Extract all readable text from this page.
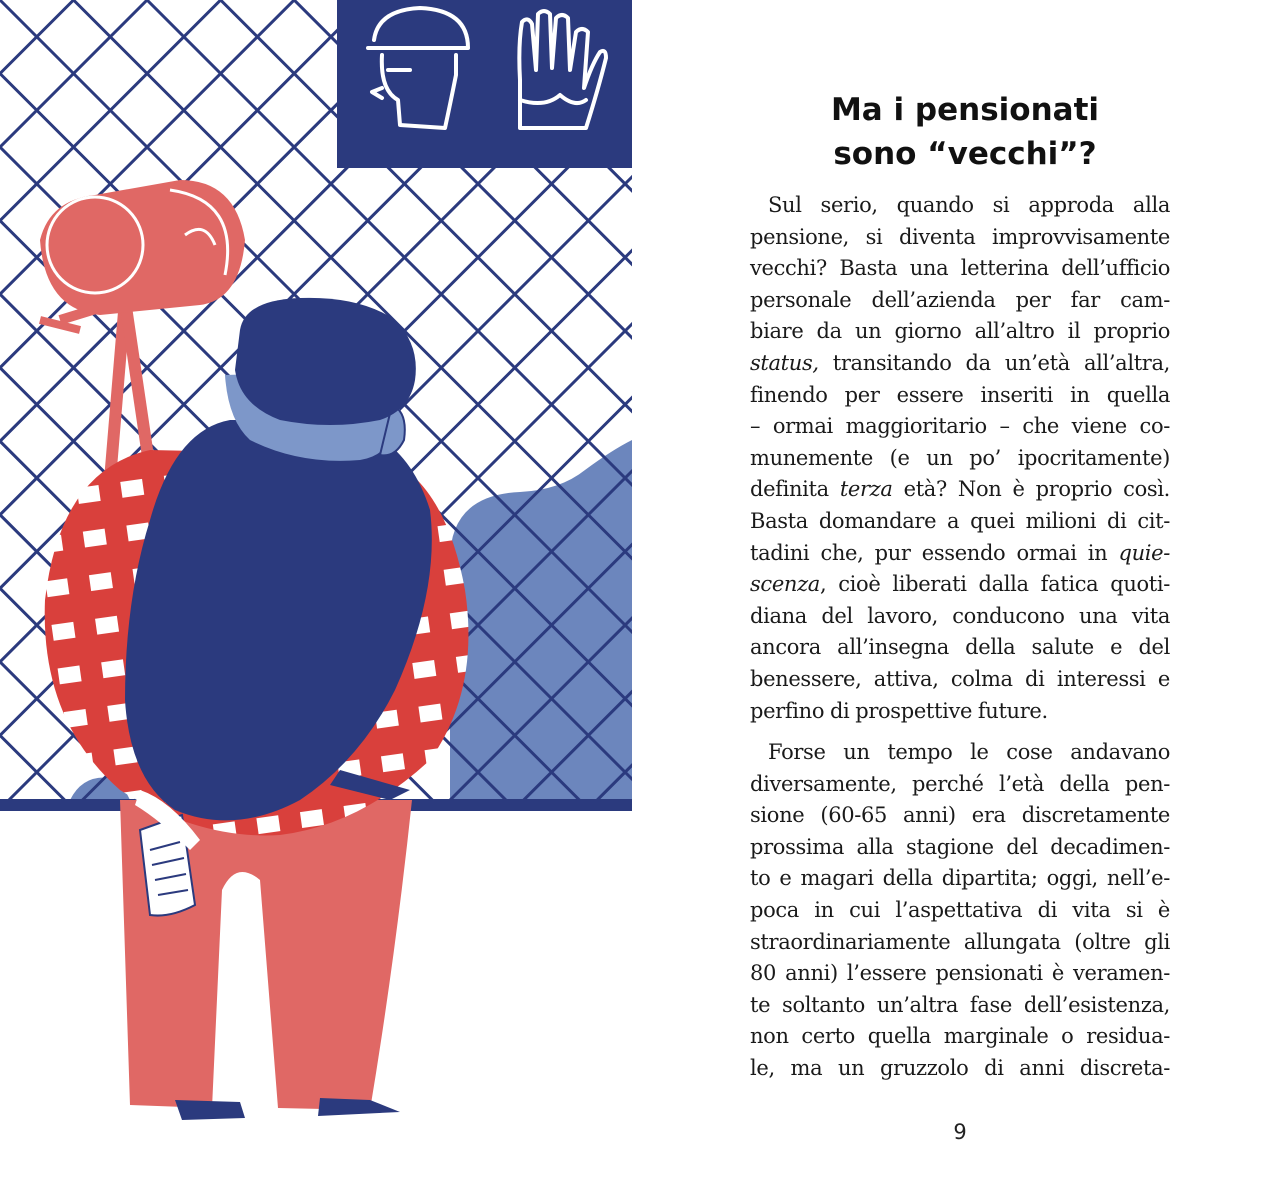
Ma i pensionati
sono “vecchi”?
Sul serio, quando si approda alla
pensione, si diventa improvvisamente
vecchi? Basta una letterina dell’ufficio
personale dell’azienda per far cam-
biare da un giorno all’altro il proprio
status, transitando da un’età all’altra,
finendo per essere inseriti in quella
– ormai maggioritario – che viene co-
munemente (e un po’ ipocritamente)
definita terza età? Non è proprio così.
Basta domandare a quei milioni di cit-
tadini che, pur essendo ormai in quie-
scenza, cioè liberati dalla fatica quoti-
diana del lavoro, conducono una vita
ancora all’insegna della salute e del
benessere, attiva, colma di interessi e
perfino di prospettive future.
Forse un tempo le cose andavano
diversamente, perché l’età della pen-
sione (60-65 anni) era discretamente
prossima alla stagione del decadimen-
to e magari della dipartita; oggi, nell’e-
poca in cui l’aspettativa di vita si è
straordinariamente allungata (oltre gli
80 anni) l’essere pensionati è veramen-
te soltanto un’altra fase dell’esistenza,
non certo quella marginale o residua-
le, ma un gruzzolo di anni discreta-
9
